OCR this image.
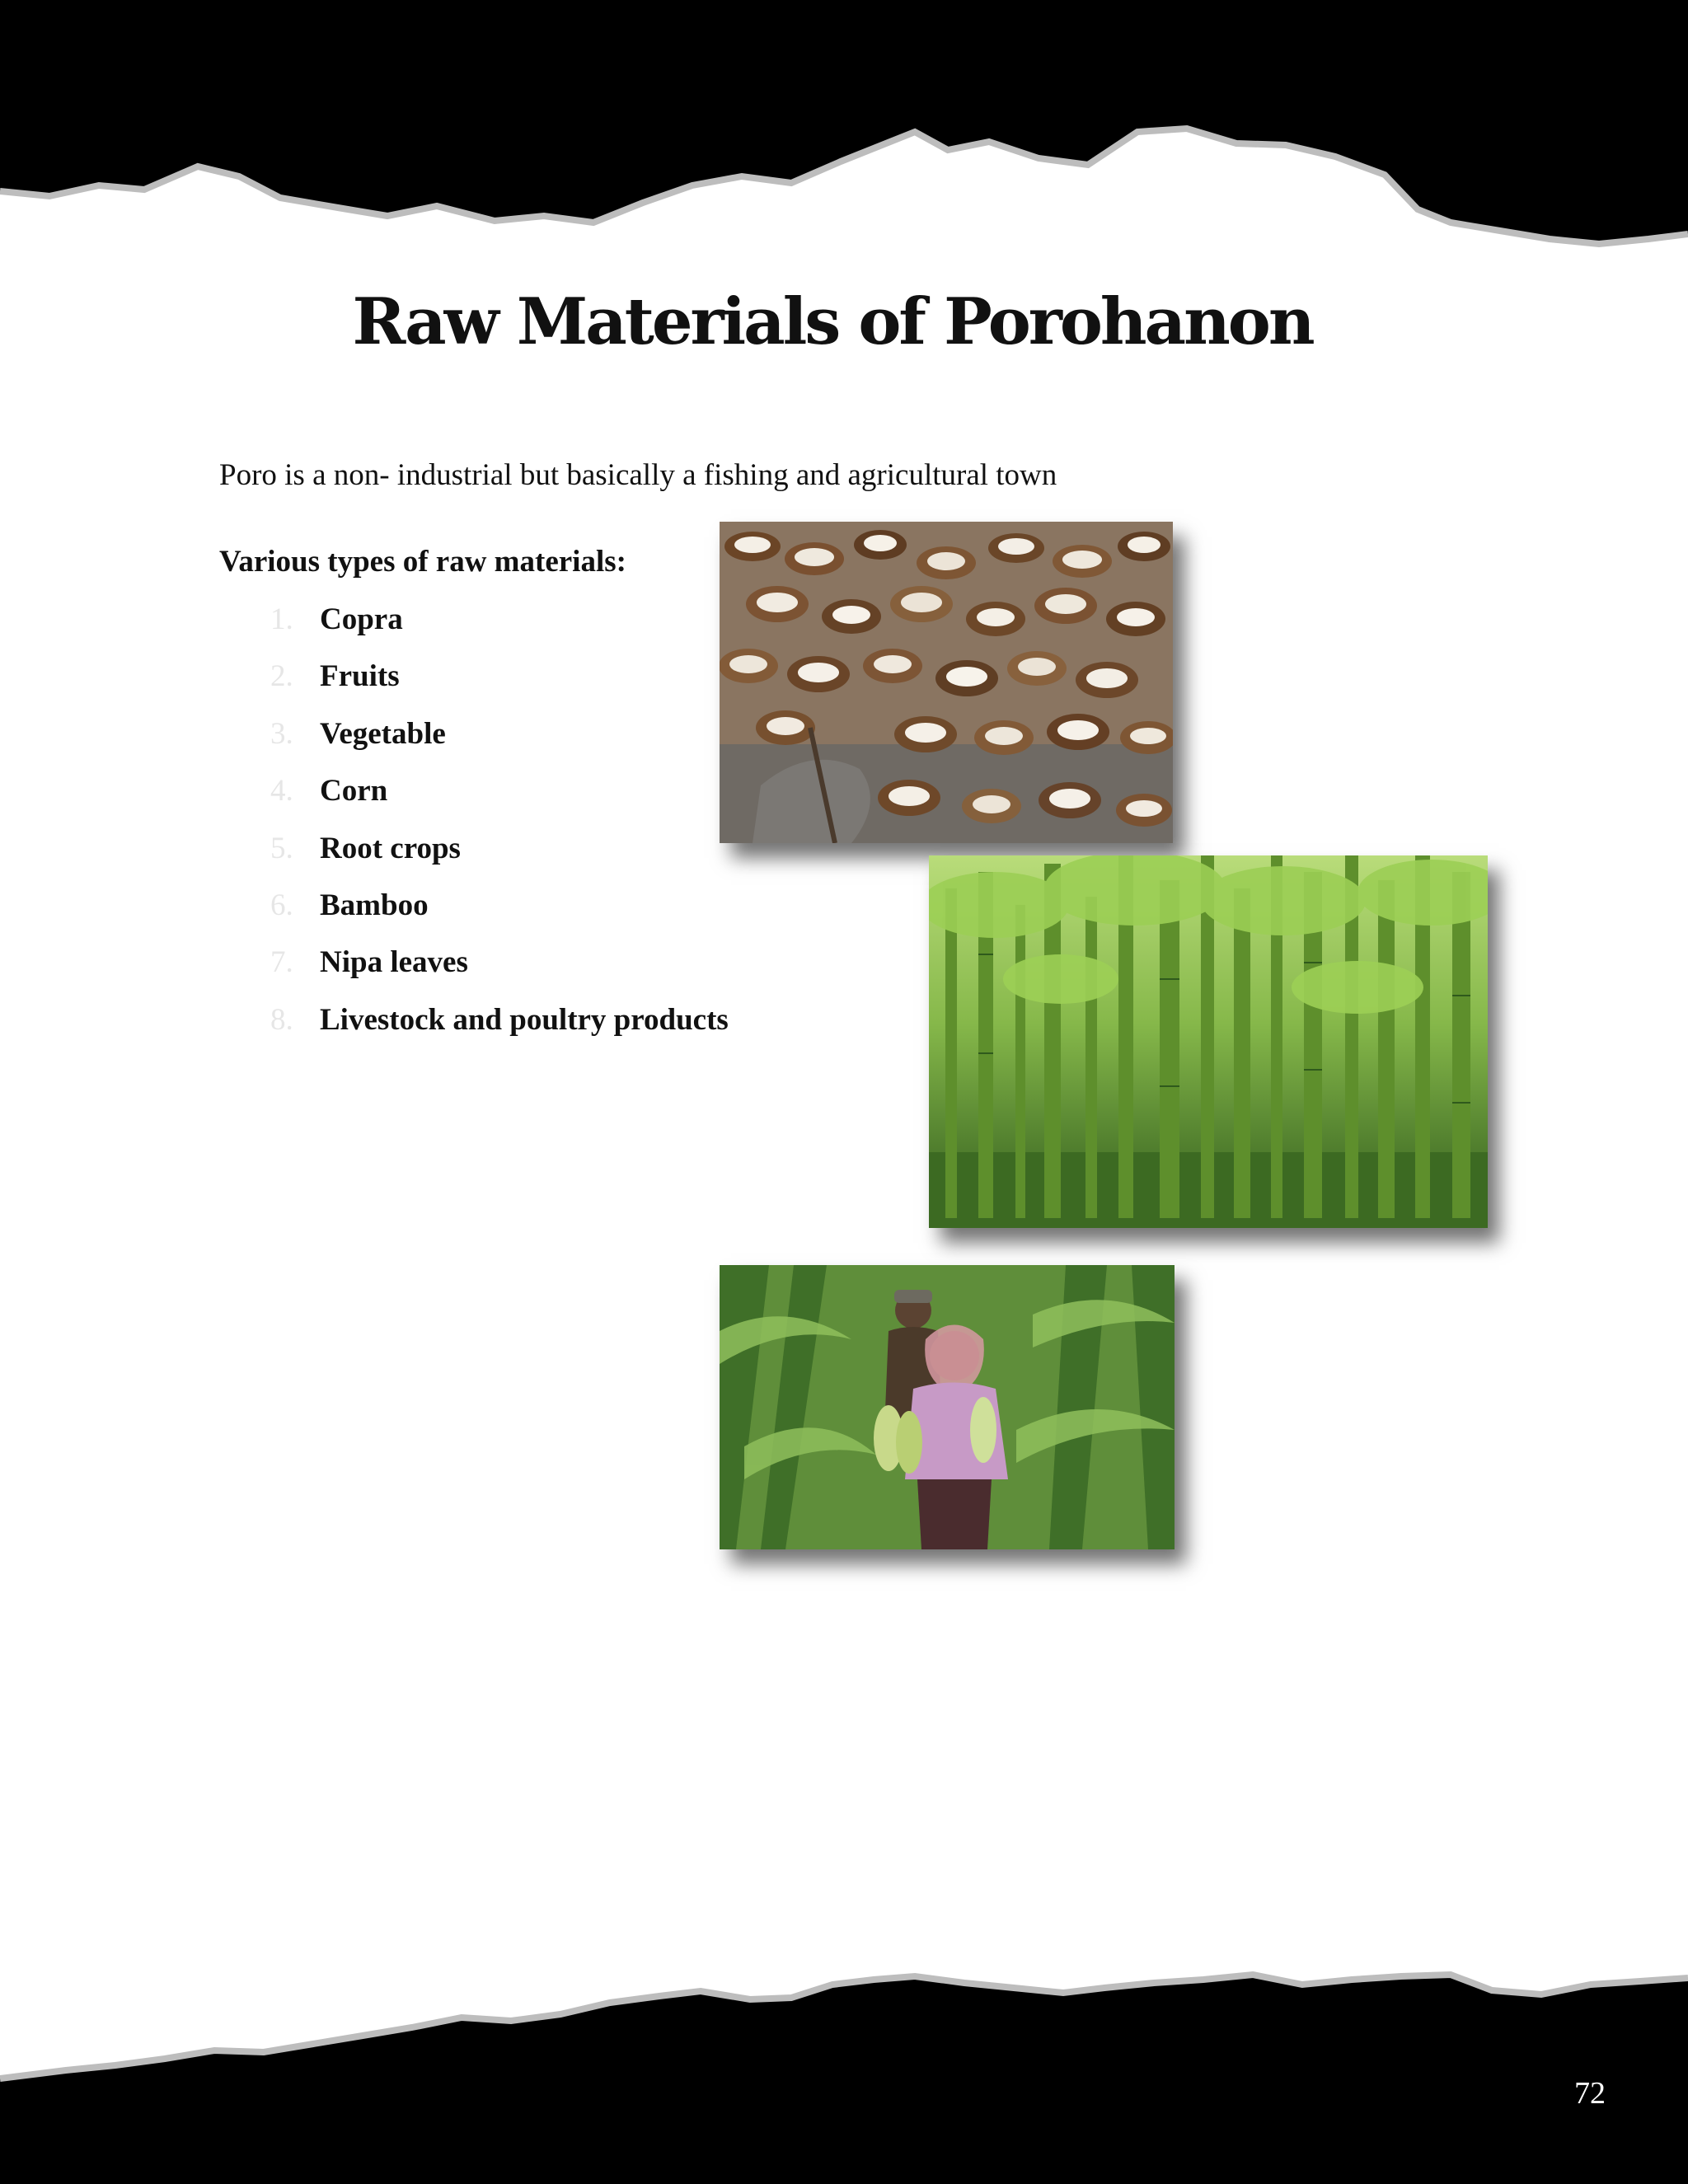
Raw Materials of Porohanon

Poro is a non- industrial but basically a fishing and agricultural town

Various types of raw materials:

1. Copra
2. Fruits
3. Vegetable
4. Corn
5. Root crops
6. Bamboo
7. Nipa leaves
8. Livestock and poultry products

72
